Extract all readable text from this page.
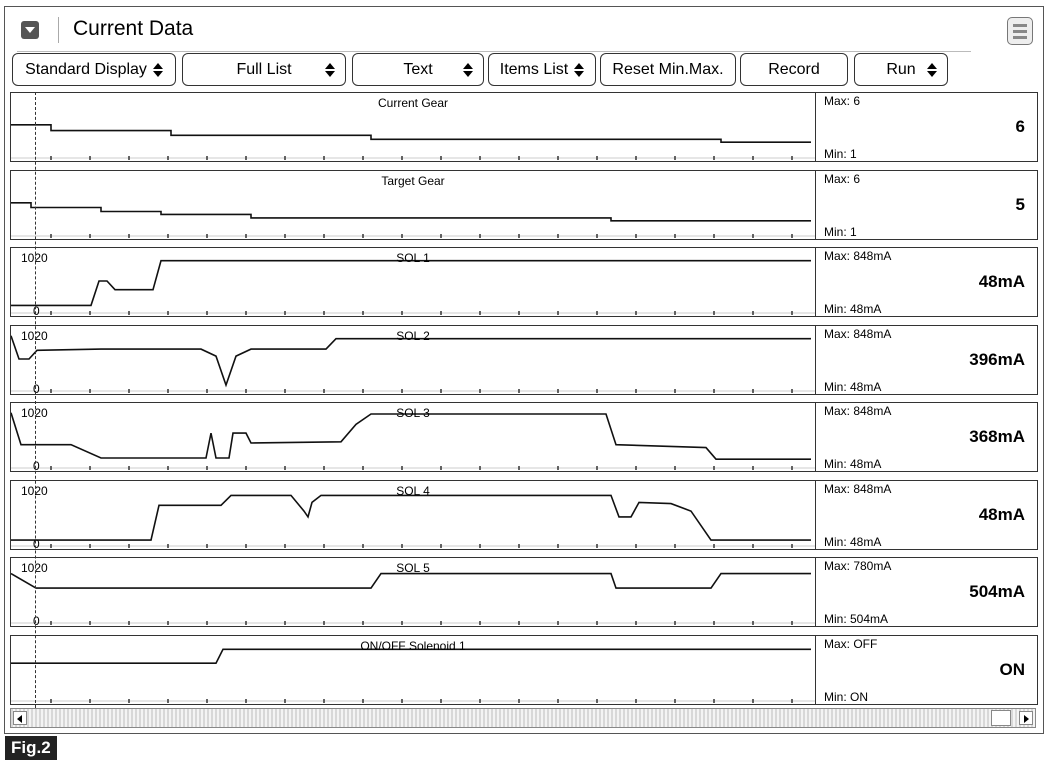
Current Data
Standard Display	Full List	Text	Items List	Reset Min.Max.	Record	Run
Current Gear	Max: 6
6
Min: 1
Target Gear	Max: 6
5
Min: 1
SOL 1
1020
0
Max: 848mA
48mA
Min: 48mA
SOL 2
1020
0
Max: 848mA
396mA
Min: 48mA
SOL 3
1020
0
Max: 848mA
368mA
Min: 48mA
SOL 4
1020
0
Max: 848mA
48mA
Min: 48mA
SOL 5
1020
0
Max: 780mA
504mA
Min: 504mA
ON/OFF Solenoid 1	Max: OFF
ON
Min: ON
Fig.2
